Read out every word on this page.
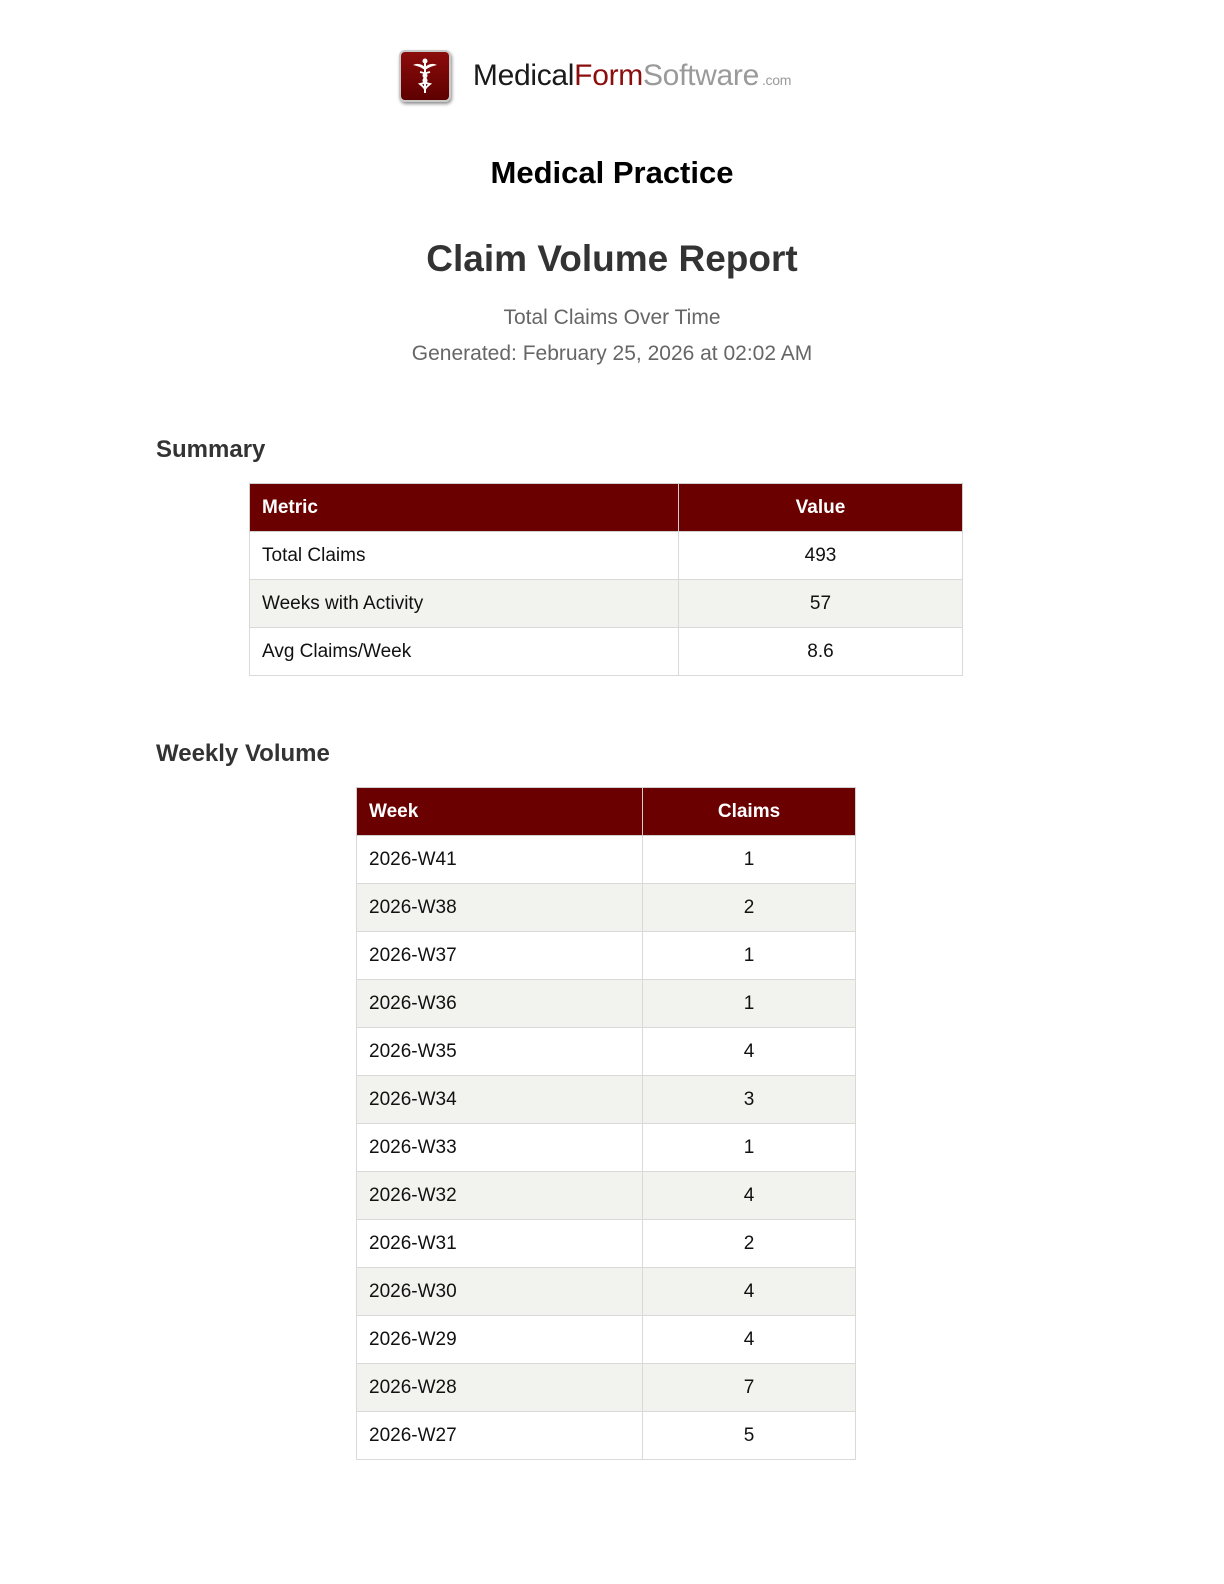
MedicalFormSoftware .com
Medical Practice
Claim Volume Report
Total Claims Over Time
Generated: February 25, 2026 at 02:02 AM
Summary
Metric	Value
Total Claims	493
Weeks with Activity	57
Avg Claims/Week	8.6
Weekly Volume
Week	Claims
2026-W41	1
2026-W38	2
2026-W37	1
2026-W36	1
2026-W35	4
2026-W34	3
2026-W33	1
2026-W32	4
2026-W31	2
2026-W30	4
2026-W29	4
2026-W28	7
2026-W27	5
